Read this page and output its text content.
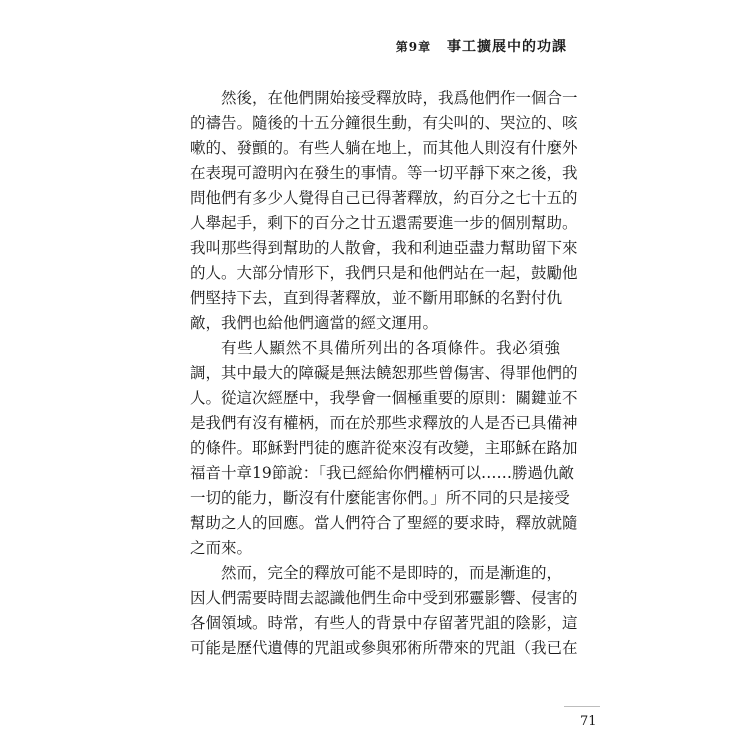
第9章 事工擴展中的功課
然後，在他們開始接受釋放時，我爲他們作一個合一
的禱告。隨後的十五分鐘很生動，有尖叫的、哭泣的、咳
嗽的、發顫的。有些人躺在地上，而其他人則沒有什麼外
在表現可證明內在發生的事情。等一切平靜下來之後，我
問他們有多少人覺得自己已得著釋放，約百分之七十五的
人舉起手，剩下的百分之廿五還需要進一步的個別幫助。
我叫那些得到幫助的人散會，我和利迪亞盡力幫助留下來
的人。大部分情形下，我們只是和他們站在一起，鼓勵他
們堅持下去，直到得著釋放，並不斷用耶穌的名對付仇
敵，我們也給他們適當的經文運用。
有些人顯然不具備所列出的各項條件。我必須強
調，其中最大的障礙是無法饒恕那些曾傷害、得罪他們的
人。從這次經歷中，我學會一個極重要的原則：關鍵並不
是我們有沒有權柄，而在於那些求釋放的人是否已具備神
的條件。耶穌對門徒的應許從來沒有改變，主耶穌在路加
福音十章19節說：「我已經給你們權柄可以……勝過仇敵
一切的能力，斷沒有什麼能害你們。」所不同的只是接受
幫助之人的回應。當人們符合了聖經的要求時，釋放就隨
之而來。
然而，完全的釋放可能不是即時的，而是漸進的，
因人們需要時間去認識他們生命中受到邪靈影響、侵害的
各個領域。時常，有些人的背景中存留著咒詛的陰影，這
可能是歷代遺傳的咒詛或參與邪術所帶來的咒詛（我已在
71
